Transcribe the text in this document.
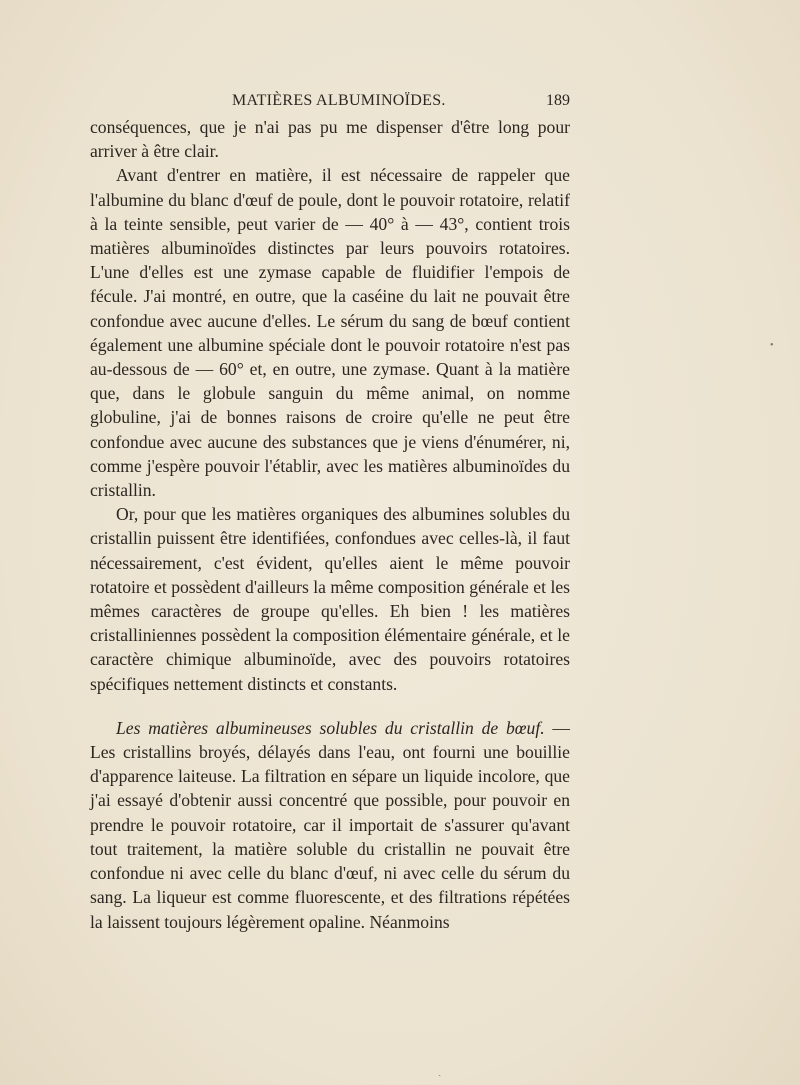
MATIÈRES ALBUMINOÏDES.	189

conséquences, que je n'ai pas pu me dispenser d'être long pour arriver à être clair.

Avant d'entrer en matière, il est nécessaire de rappeler que l'albumine du blanc d'œuf de poule, dont le pouvoir rotatoire, relatif à la teinte sensible, peut varier de — 40° à — 43°, contient trois matières albuminoïdes distinctes par leurs pouvoirs rotatoires. L'une d'elles est une zymase capable de fluidifier l'empois de fécule. J'ai montré, en outre, que la caséine du lait ne pouvait être confondue avec aucune d'elles. Le sérum du sang de bœuf contient également une albumine spéciale dont le pouvoir rotatoire n'est pas au-dessous de — 60° et, en outre, une zymase. Quant à la matière que, dans le globule sanguin du même animal, on nomme globuline, j'ai de bonnes raisons de croire qu'elle ne peut être confondue avec aucune des substances que je viens d'énumérer, ni, comme j'espère pouvoir l'établir, avec les matières albuminoïdes du cristallin.

Or, pour que les matières organiques des albumines solubles du cristallin puissent être identifiées, confondues avec celles-là, il faut nécessairement, c'est évident, qu'elles aient le même pouvoir rotatoire et possèdent d'ailleurs la même composition générale et les mêmes caractères de groupe qu'elles. Eh bien ! les matières cristalliniennes possèdent la composition élémentaire générale, et le caractère chimique albuminoïde, avec des pouvoirs rotatoires spécifiques nettement distincts et constants.

Les matières albumineuses solubles du cristallin de bœuf. — Les cristallins broyés, délayés dans l'eau, ont fourni une bouillie d'apparence laiteuse. La filtration en sépare un liquide incolore, que j'ai essayé d'obtenir aussi concentré que possible, pour pouvoir en prendre le pouvoir rotatoire, car il importait de s'assurer qu'avant tout traitement, la matière soluble du cristallin ne pouvait être confondue ni avec celle du blanc d'œuf, ni avec celle du sérum du sang. La liqueur est comme fluorescente, et des filtrations répétées la laissent toujours légèrement opaline. Néanmoins

•
ˎ
